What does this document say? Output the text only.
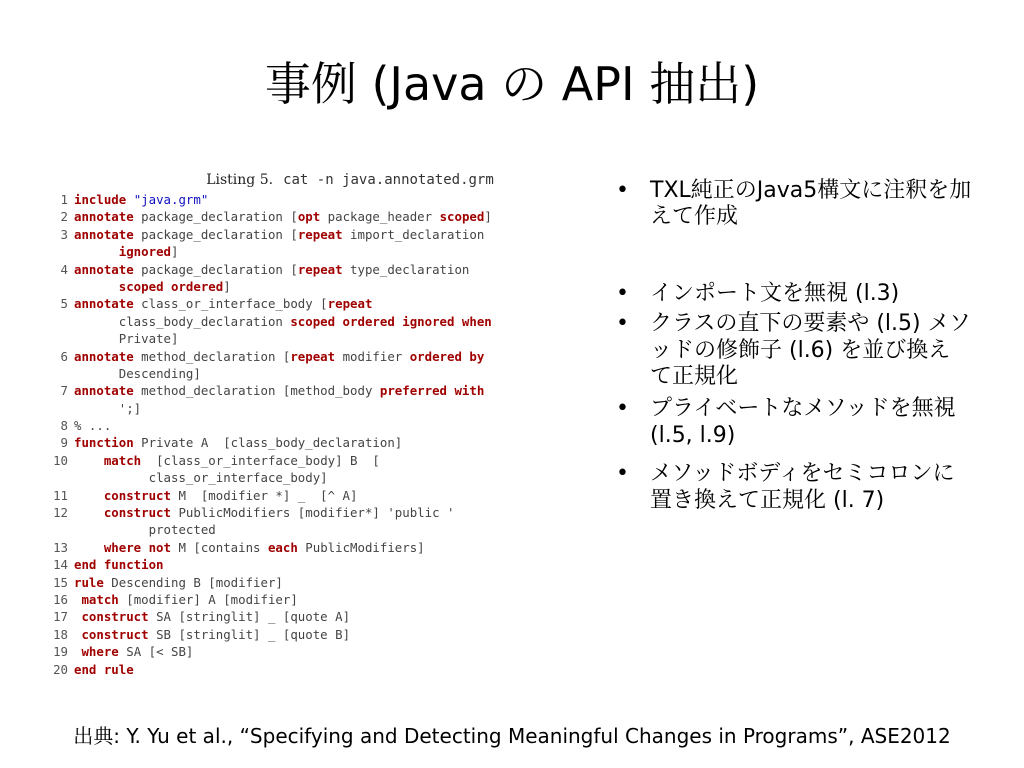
事例 (Java の API 抽出)
Listing 5. cat -n java.annotated.grm
1 include "java.grm"
2 annotate package_declaration [opt package_header scoped]
3 annotate package_declaration [repeat import_declaration
ignored]
4 annotate package_declaration [repeat type_declaration
scoped ordered]
5 annotate class_or_interface_body [repeat
class_body_declaration scoped ordered ignored when
Private]
6 annotate method_declaration [repeat modifier ordered by
Descending]
7 annotate method_declaration [method_body preferred with
';]
8 % ...
9 function Private A  [class_body_declaration]
10	match  [class_or_interface_body] B  [
class_or_interface_body]
11	construct M  [modifier *] _  [^ A]
12	construct PublicModifiers [modifier*] 'public '
protected
13	where not M [contains each PublicModifiers]
14 end function
15 rule Descending B [modifier]
16	match [modifier] A [modifier]
17	construct SA [stringlit] _ [quote A]
18	construct SB [stringlit] _ [quote B]
19	where SA [< SB]
20 end rule
• TXL純正のJava5構文に注釈を加えて作成
• インポート文を無視 (l.3)
• クラスの直下の要素や (l.5) メソッドの修飾子 (l.6) を並び換えて正規化
• プライベートなメソッドを無視 (l.5, l.9)
• メソッドボディをセミコロンに置き換えて正規化 (l. 7)
出典: Y. Yu et al., “Specifying and Detecting Meaningful Changes in Programs”, ASE2012
